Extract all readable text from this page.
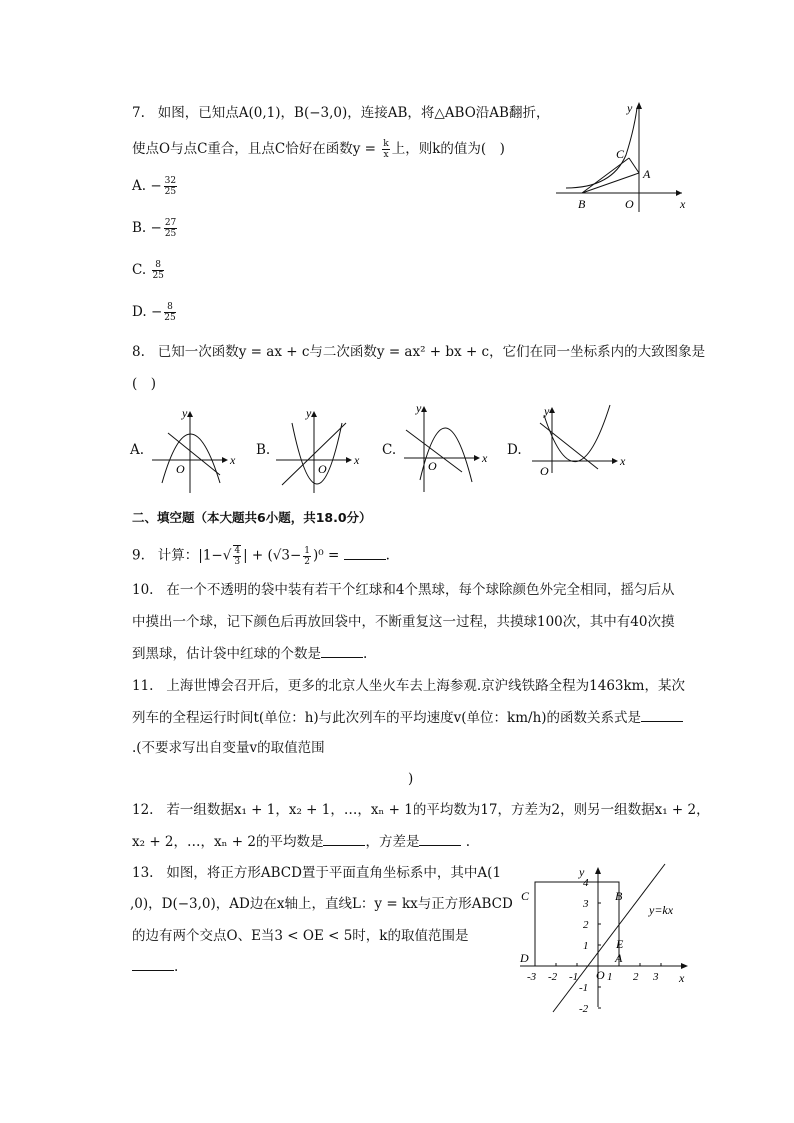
7. 如图，已知点A(0,1)，B(−3,0)，连接AB，将△ABO沿AB翻折，
使点O与点C重合，且点C恰好在函数$y = \frac{k}{x}$ 上，则k的值为(　)
A. − $\frac{32}{25}$
B. − $\frac{27}{25}$
C. $\frac{8}{25}$
D. − $\frac{8}{25}$
y
C
A
B	O	x
8. 已知一次函数y = ax + c与二次函数y = ax² + bx + c，它们在同一坐标系内的大致图象是
(　)
A.
y
O
x
B.
y
O
x
C.
y
O
x D.
y
O
x
二、填空题（本大题共6小题，共18.0分）
9. 计算：$|1-√ \frac{4}{3}$ | + $(√3- \frac{1}{2} )^0$ =	.
10. 在一个不透明的袋中装有若干个红球和4个黑球，每个球除颜色外完全相同，摇匀后从
中摸出一个球，记下颜色后再放回袋中，不断重复这一过程，共摸球100次，其中有40次摸
到黑球，估计袋中红球的个数是	.
11. 上海世博会召开后，更多的北京人坐火车去上海参观.京沪线铁路全程为1463km，某次
列车的全程运行时间t(单位：h)与此次列车的平均速度v(单位：km/h)的函数关系式是
.(不要求写出自变量v的取值范围
)
12. 若一组数据x₁ + 1，x₂ + 1，…，xₙ + 1的平均数为17，方差为2，则另一组数据x₁ + 2，
x₂ + 2，…，xₙ + 2的平均数是	，方差是	.
13. 如图，将正方形ABCD置于平面直角坐标系中，其中A(1
,0)，D(−3,0)，AD边在x轴上，直线L：y = kx与正方形ABCD
的边有两个交点O、E当3 < OE < 5时，k的取值范围是
.
y
C	B
D	A
E
O	x
y=kx
-3 -2 -1	1 2 3
4
3
2
1
-1
-2
